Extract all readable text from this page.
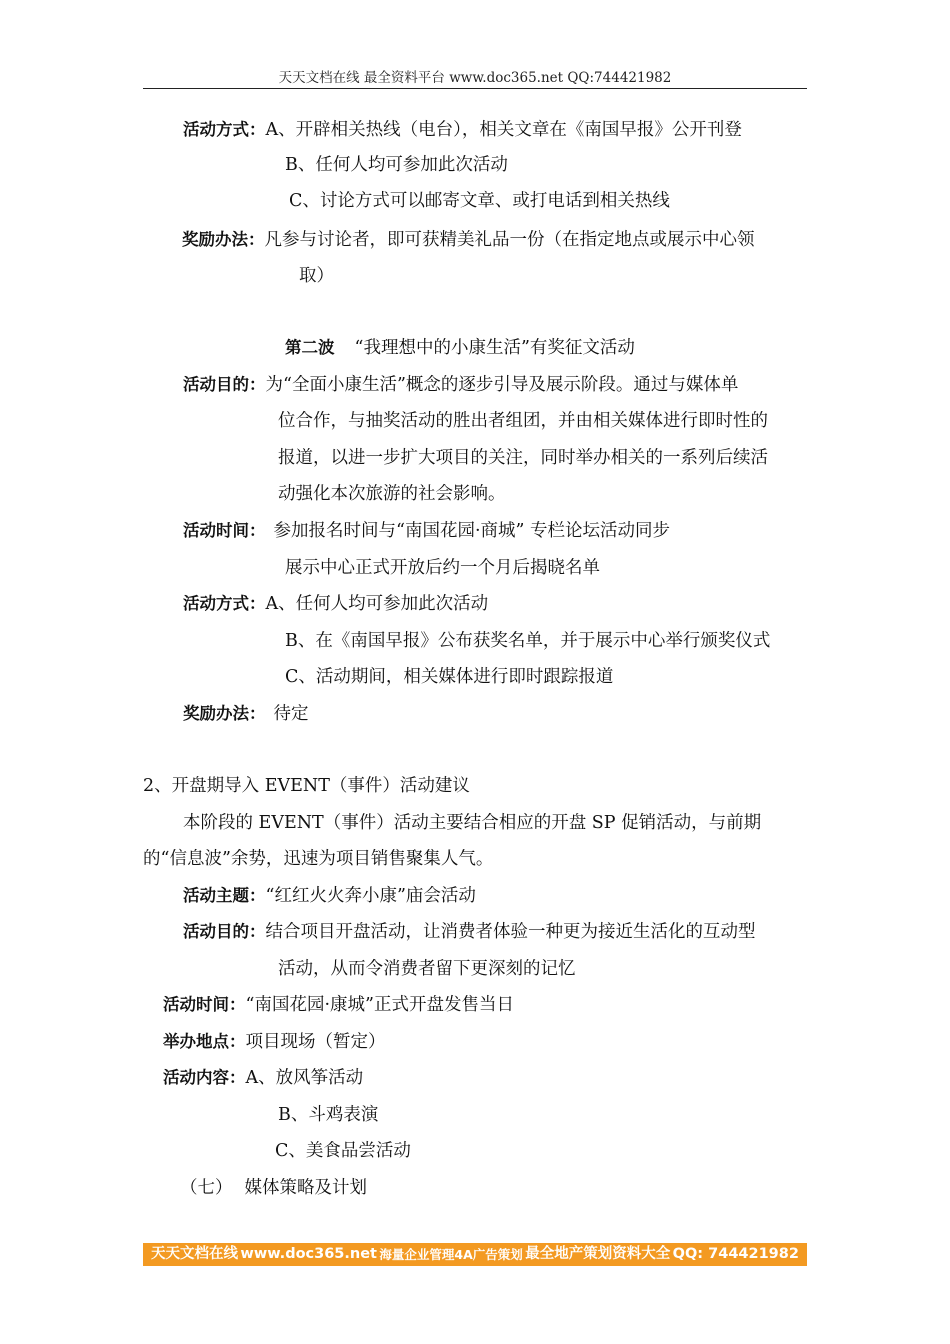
天天文档在线 最全资料平台 www.doc365.net QQ:744421982
活动方式：A、开辟相关热线（电台），相关文章在《南国早报》公开刊登
B、任何人均可参加此次活动
C、讨论方式可以邮寄文章、或打电话到相关热线
奖励办法：凡参与讨论者，即可获精美礼品一份（在指定地点或展示中心领
取）
第二波 “我理想中的小康生活”有奖征文活动
活动目的：为“全面小康生活”概念的逐步引导及展示阶段。通过与媒体单
位合作，与抽奖活动的胜出者组团，并由相关媒体进行即时性的
报道，以进一步扩大项目的关注，同时举办相关的一系列后续活
动强化本次旅游的社会影响。
活动时间： 参加报名时间与“南国花园·商城” 专栏论坛活动同步
展示中心正式开放后约一个月后揭晓名单
活动方式：A、任何人均可参加此次活动
B、在《南国早报》公布获奖名单，并于展示中心举行颁奖仪式
C、活动期间，相关媒体进行即时跟踪报道
奖励办法： 待定
2、开盘期导入 EVENT（事件）活动建议
本阶段的 EVENT（事件）活动主要结合相应的开盘 SP 促销活动，与前期
的“信息波”余势，迅速为项目销售聚集人气。
活动主题：“红红火火奔小康”庙会活动
活动目的：结合项目开盘活动，让消费者体验一种更为接近生活化的互动型
活动，从而令消费者留下更深刻的记忆
活动时间：“南国花园·康城”正式开盘发售当日
举办地点：项目现场（暂定）
活动内容：A、放风筝活动
B、斗鸡表演
C、美食品尝活动
（七） 媒体策略及计划
天天文档在线 www.doc365.net 海量企业管理4A广告策划 最全地产策划资料大全 QQ: 744421982
